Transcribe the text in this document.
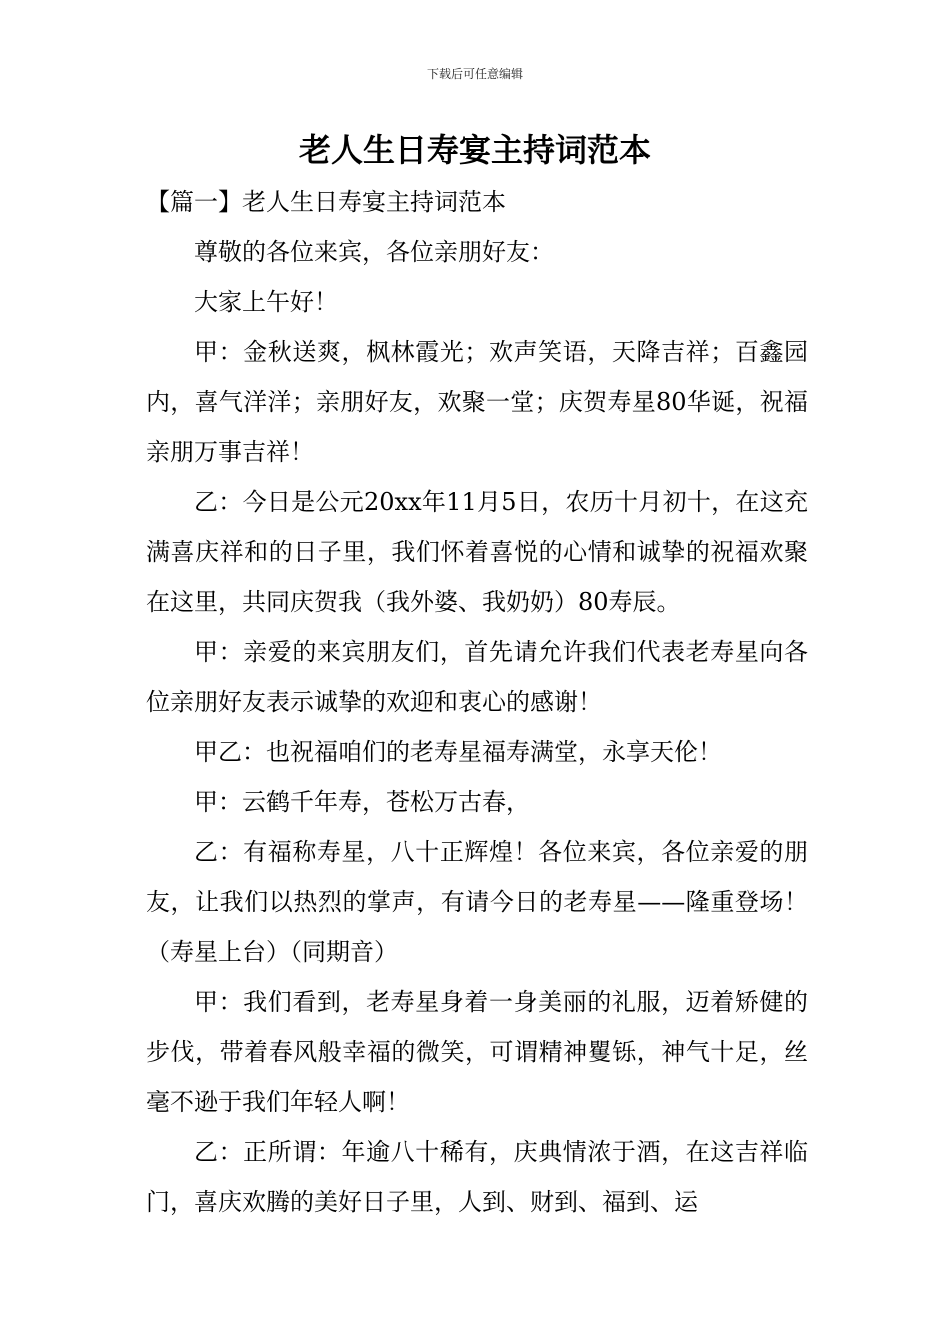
下载后可任意编辑
老人生日寿宴主持词范本

【篇一】老人生日寿宴主持词范本

尊敬的各位来宾，各位亲朋好友：

大家上午好！

甲：金秋送爽，枫林霞光；欢声笑语，天降吉祥；百鑫园内，喜气洋洋；亲朋好友，欢聚一堂；庆贺寿星80华诞，祝福亲朋万事吉祥！

乙：今日是公元20xx年11月5日，农历十月初十，在这充满喜庆祥和的日子里，我们怀着喜悦的心情和诚挚的祝福欢聚在这里，共同庆贺我（我外婆、我奶奶）80寿辰。

甲：亲爱的来宾朋友们，首先请允许我们代表老寿星向各位亲朋好友表示诚挚的欢迎和衷心的感谢！

甲乙：也祝福咱们的老寿星福寿满堂，永享天伦！

甲：云鹤千年寿，苍松万古春，

乙：有福称寿星，八十正辉煌！各位来宾，各位亲爱的朋友，让我们以热烈的掌声，有请今日的老寿星——隆重登场！（寿星上台）（同期音）

甲：我们看到，老寿星身着一身美丽的礼服，迈着矫健的步伐，带着春风般幸福的微笑，可谓精神矍铄，神气十足，丝毫不逊于我们年轻人啊！

乙：正所谓：年逾八十稀有，庆典情浓于酒，在这吉祥临门，喜庆欢腾的美好日子里，人到、财到、福到、运
